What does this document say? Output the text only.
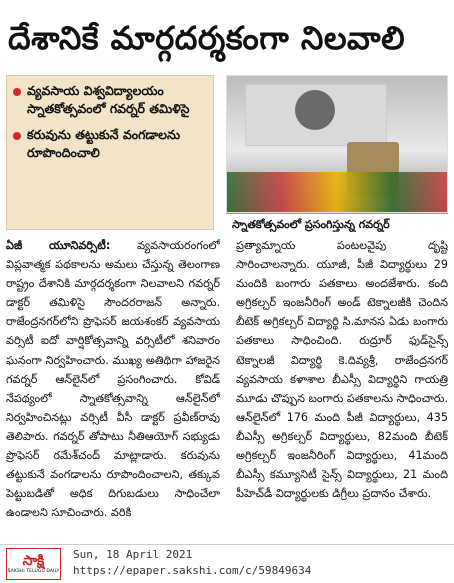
దేశానికే మార్గదర్శకంగా నిలవాలి
వ్యవసాయ విశ్వవిద్యాలయం స్నాతకోత్సవంలో గవర్నర్ తమిళిసై
కరువును తట్టుకునే వంగడాలను రూపొందించాలి
స్నాతకోత్సవంలో ప్రసంగిస్తున్న గవర్నర్
ఏజీ యూనివర్సిటీ: వ్యవసాయరంగంలో విప్లవాత్మక పథకాలను అమలు చేస్తున్న తెలంగాణ రాష్ట్రం దేశానికి మార్గదర్శకంగా నిలవాలని గవర్నర్ డాక్టర్ తమిళిసై సౌందరరాజన్ అన్నారు. రాజేంద్రనగర్‌లోని ప్రొఫెసర్ జయశంకర్ వ్యవసాయ వర్సిటీ ఐదో వార్షికోత్సవాన్ని వర్సిటీలో శనివారం ఘనంగా నిర్వహించారు. ముఖ్య అతిథిగా హాజరైన గవర్నర్ ఆన్‌లైన్‌లో ప్రసంగించారు. కోవిడ్ నేపథ్యంలో స్నాతకోత్సవాన్ని ఆన్‌లైన్‌లో నిర్వహించినట్లు వర్సిటీ వీసీ డాక్టర్ ప్రవీణ్‌రావు తెలిపారు. గవర్నర్ తోపాటు నీతిఆయోగ్ సభ్యుడు ప్రొఫెసర్ రమేశ్‌చంద్ మాట్లాడారు. కరువును తట్టుకునే వంగడాలను రూపొందించాలని, తక్కువ పెట్టుబడితో అధిక దిగుబడులు సాధించేలా ఉండాలని సూచించారు. వరికి
ప్రత్యామ్నాయ పంటలవైపు దృష్టి సారించాలన్నారు. యూజీ, పీజీ విద్యార్థులు 29 మందికి బంగారు పతకాలు అందజేశారు. కంది అగ్రికల్చర్ ఇంజనీరింగ్ అండ్ టెక్నాలజీకి చెందిన బీటెక్ అగ్రికల్చర్ విద్యార్థి సి.మానస ఏడు బంగారు పతకాలు సాధించింది. రుద్రూర్ ఫుడ్‌సైన్స్ టెక్నాలజీ విద్యార్థి కె.దివ్యశ్రీ, రాజేంద్రనగర్ వ్యవసాయ కళాశాల బీఎస్సీ విద్యార్థిని గాయత్రి మూడు చొప్పున బంగారు పతకాలను సాధించారు. ఆన్‌లైన్‌లో 176 మంది పీజీ విద్యార్థులు, 435 బీఎస్సీ అగ్రికల్చర్ విద్యార్థులు, 82మంది బీటెక్ అగ్రికల్చర్ ఇంజనీరింగ్ విద్యార్థులు, 41మంది బీఎస్సీ కమ్యూనిటీ సైన్స్ విద్యార్థులు, 21 మంది పీహెచ్‌డీ విద్యార్థులకు డిగ్రీలు ప్రదానం చేశారు.
సాక్షి
SAKSHI TELUGU DAILY
Sun, 18 April 2021
https://epaper.sakshi.com/c/59849634
